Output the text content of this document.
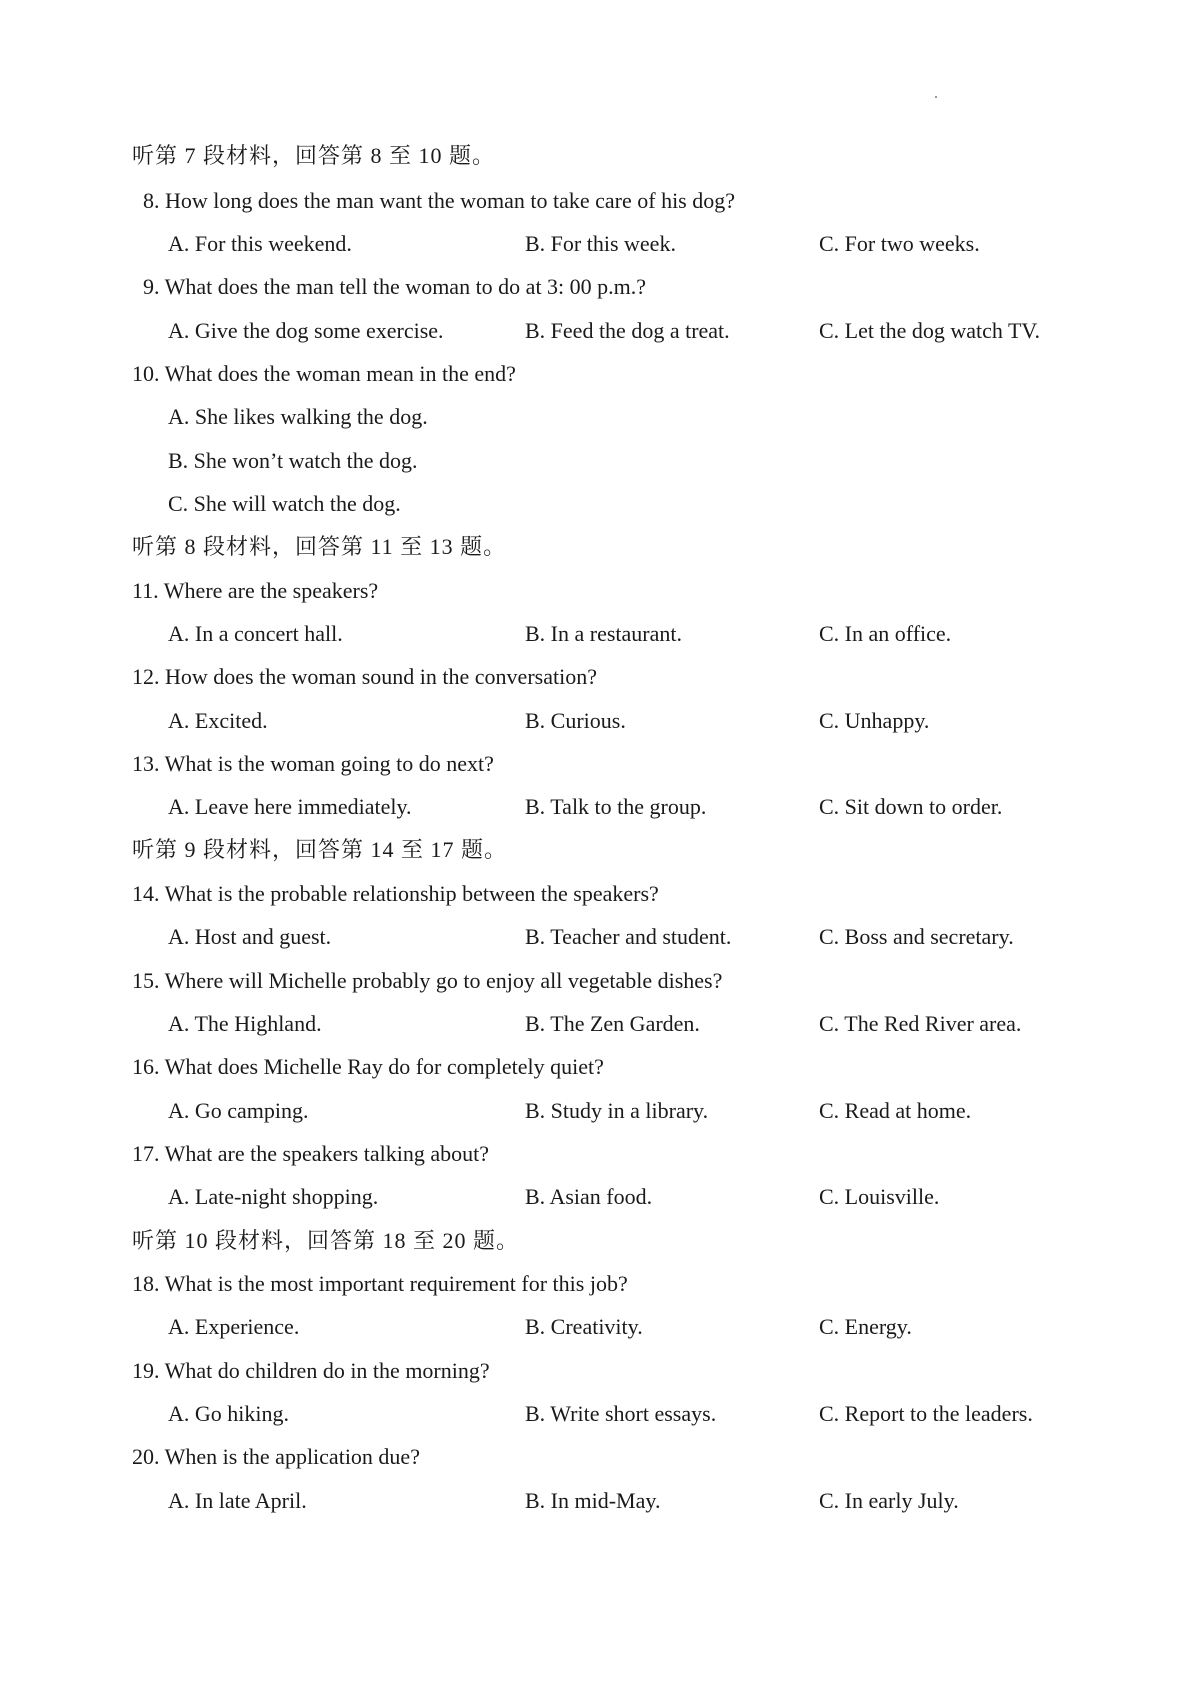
听第 7 段材料，回答第 8 至 10 题。
8. How long does the man want the woman to take care of his dog?
A. For this weekend.	B. For this week.	C. For two weeks.
9. What does the man tell the woman to do at 3: 00 p.m.?
A. Give the dog some exercise.	B. Feed the dog a treat.	C. Let the dog watch TV.
10. What does the woman mean in the end?
A. She likes walking the dog.
B. She won’t watch the dog.
C. She will watch the dog.
听第 8 段材料，回答第 11 至 13 题。
11. Where are the speakers?
A. In a concert hall.	B. In a restaurant.	C. In an office.
12. How does the woman sound in the conversation?
A. Excited.	B. Curious.	C. Unhappy.
13. What is the woman going to do next?
A. Leave here immediately.	B. Talk to the group.	C. Sit down to order.
听第 9 段材料，回答第 14 至 17 题。
14. What is the probable relationship between the speakers?
A. Host and guest.	B. Teacher and student.	C. Boss and secretary.
15. Where will Michelle probably go to enjoy all vegetable dishes?
A. The Highland.	B. The Zen Garden.	C. The Red River area.
16. What does Michelle Ray do for completely quiet?
A. Go camping.	B. Study in a library.	C. Read at home.
17. What are the speakers talking about?
A. Late-night shopping.	B. Asian food.	C. Louisville.
听第 10 段材料，回答第 18 至 20 题。
18. What is the most important requirement for this job?
A. Experience.	B. Creativity.	C. Energy.
19. What do children do in the morning?
A. Go hiking.	B. Write short essays.	C. Report to the leaders.
20. When is the application due?
A. In late April.	B. In mid-May.	C. In early July.
